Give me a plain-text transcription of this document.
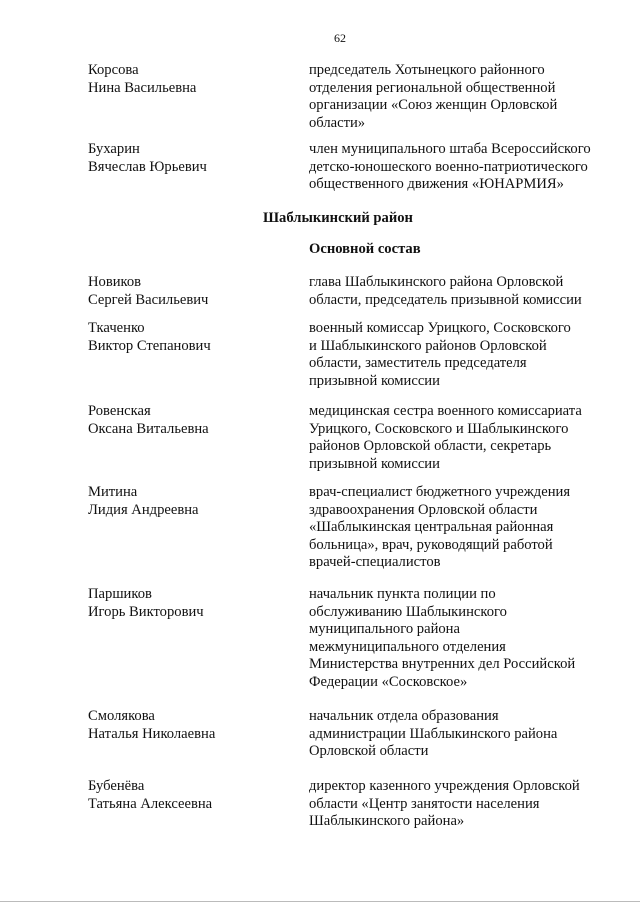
62
Корсова
Нина Васильевна
председатель Хотынецкого районного
отделения региональной общественной
организации «Союз женщин Орловской
области»
Бухарин
Вячеслав Юрьевич
член муниципального штаба Всероссийского
детско-юношеского военно-патриотического
общественного движения «ЮНАРМИЯ»
Шаблыкинский район
Основной состав
Новиков
Сергей Васильевич
глава Шаблыкинского района Орловской
области, председатель призывной комиссии
Ткаченко
Виктор Степанович
военный комиссар Урицкого, Сосковского
и Шаблыкинского районов Орловской
области, заместитель председателя
призывной комиссии
Ровенская
Оксана Витальевна
медицинская сестра военного комиссариата
Урицкого, Сосковского и Шаблыкинского
районов Орловской области, секретарь
призывной комиссии
Митина
Лидия Андреевна
врач-специалист бюджетного учреждения
здравоохранения Орловской области
«Шаблыкинская центральная районная
больница», врач, руководящий работой
врачей-специалистов
Паршиков
Игорь Викторович
начальник пункта полиции по
обслуживанию Шаблыкинского
муниципального района
межмуниципального отделения
Министерства внутренних дел Российской
Федерации «Сосковское»
Смолякова
Наталья Николаевна
начальник отдела образования
администрации Шаблыкинского района
Орловской области
Бубенёва
Татьяна Алексеевна
директор казенного учреждения Орловской
области «Центр занятости населения
Шаблыкинского района»
